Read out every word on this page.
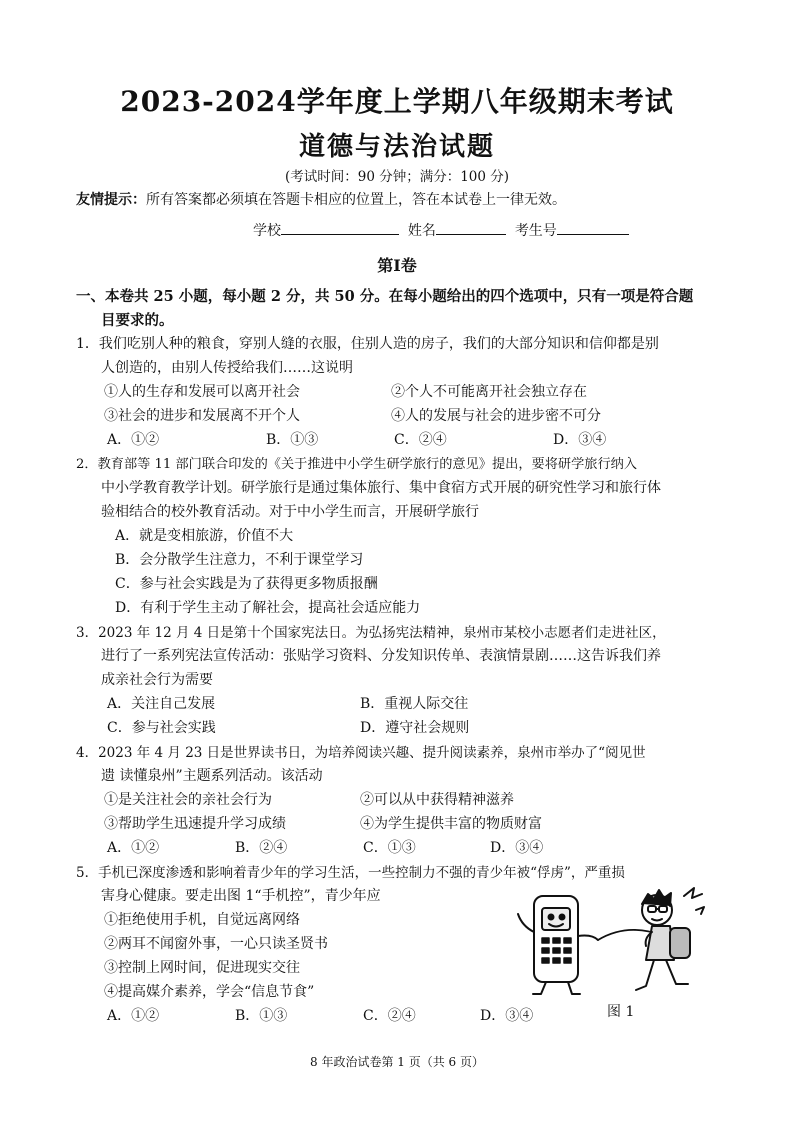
2023-2024学年度上学期八年级期末考试
道德与法治试题
(考试时间：90 分钟；满分：100 分)
友情提示：所有答案都必须填在答题卡相应的位置上，答在本试卷上一律无效。
学校	姓名	考生号
第Ⅰ卷
一、本卷共 25 小题，每小题 2 分，共 50 分。在每小题给出的四个选项中，只有一项是符合题
目要求的。
1．我们吃别人种的粮食，穿别人缝的衣服，住别人造的房子，我们的大部分知识和信仰都是别
人创造的，由别人传授给我们……这说明
①人的生存和发展可以离开社会	②个人不可能离开社会独立存在
③社会的进步和发展离不开个人	④人的发展与社会的进步密不可分
A．①②	B．①③	C．②④	D．③④
2．教育部等 11 部门联合印发的《关于推进中小学生研学旅行的意见》提出，要将研学旅行纳入
中小学教育教学计划。研学旅行是通过集体旅行、集中食宿方式开展的研究性学习和旅行体
验相结合的校外教育活动。对于中小学生而言，开展研学旅行
A．就是变相旅游，价值不大
B．会分散学生注意力，不利于课堂学习
C．参与社会实践是为了获得更多物质报酬
D．有利于学生主动了解社会，提高社会适应能力
3．2023 年 12 月 4 日是第十个国家宪法日。为弘扬宪法精神，泉州市某校小志愿者们走进社区，
进行了一系列宪法宣传活动：张贴学习资料、分发知识传单、表演情景剧……这告诉我们养
成亲社会行为需要
A．关注自己发展	B．重视人际交往
C．参与社会实践	D．遵守社会规则
4．2023 年 4 月 23 日是世界读书日，为培养阅读兴趣、提升阅读素养，泉州市举办了“阅见世
遗 读懂泉州”主题系列活动。该活动
①是关注社会的亲社会行为	②可以从中获得精神滋养
③帮助学生迅速提升学习成绩	④为学生提供丰富的物质财富
A．①②	B．②④	C．①③	D．③④
5．手机已深度渗透和影响着青少年的学习生活，一些控制力不强的青少年被“俘虏”，严重损
害身心健康。要走出图 1“手机控”，青少年应
①拒绝使用手机，自觉远离网络
②两耳不闻窗外事，一心只读圣贤书
③控制上网时间，促进现实交往
④提高媒介素养，学会“信息节食”
A．①②	B．①③	C．②④	D．③④	图 1
8 年政治试卷第 1 页（共 6 页）
